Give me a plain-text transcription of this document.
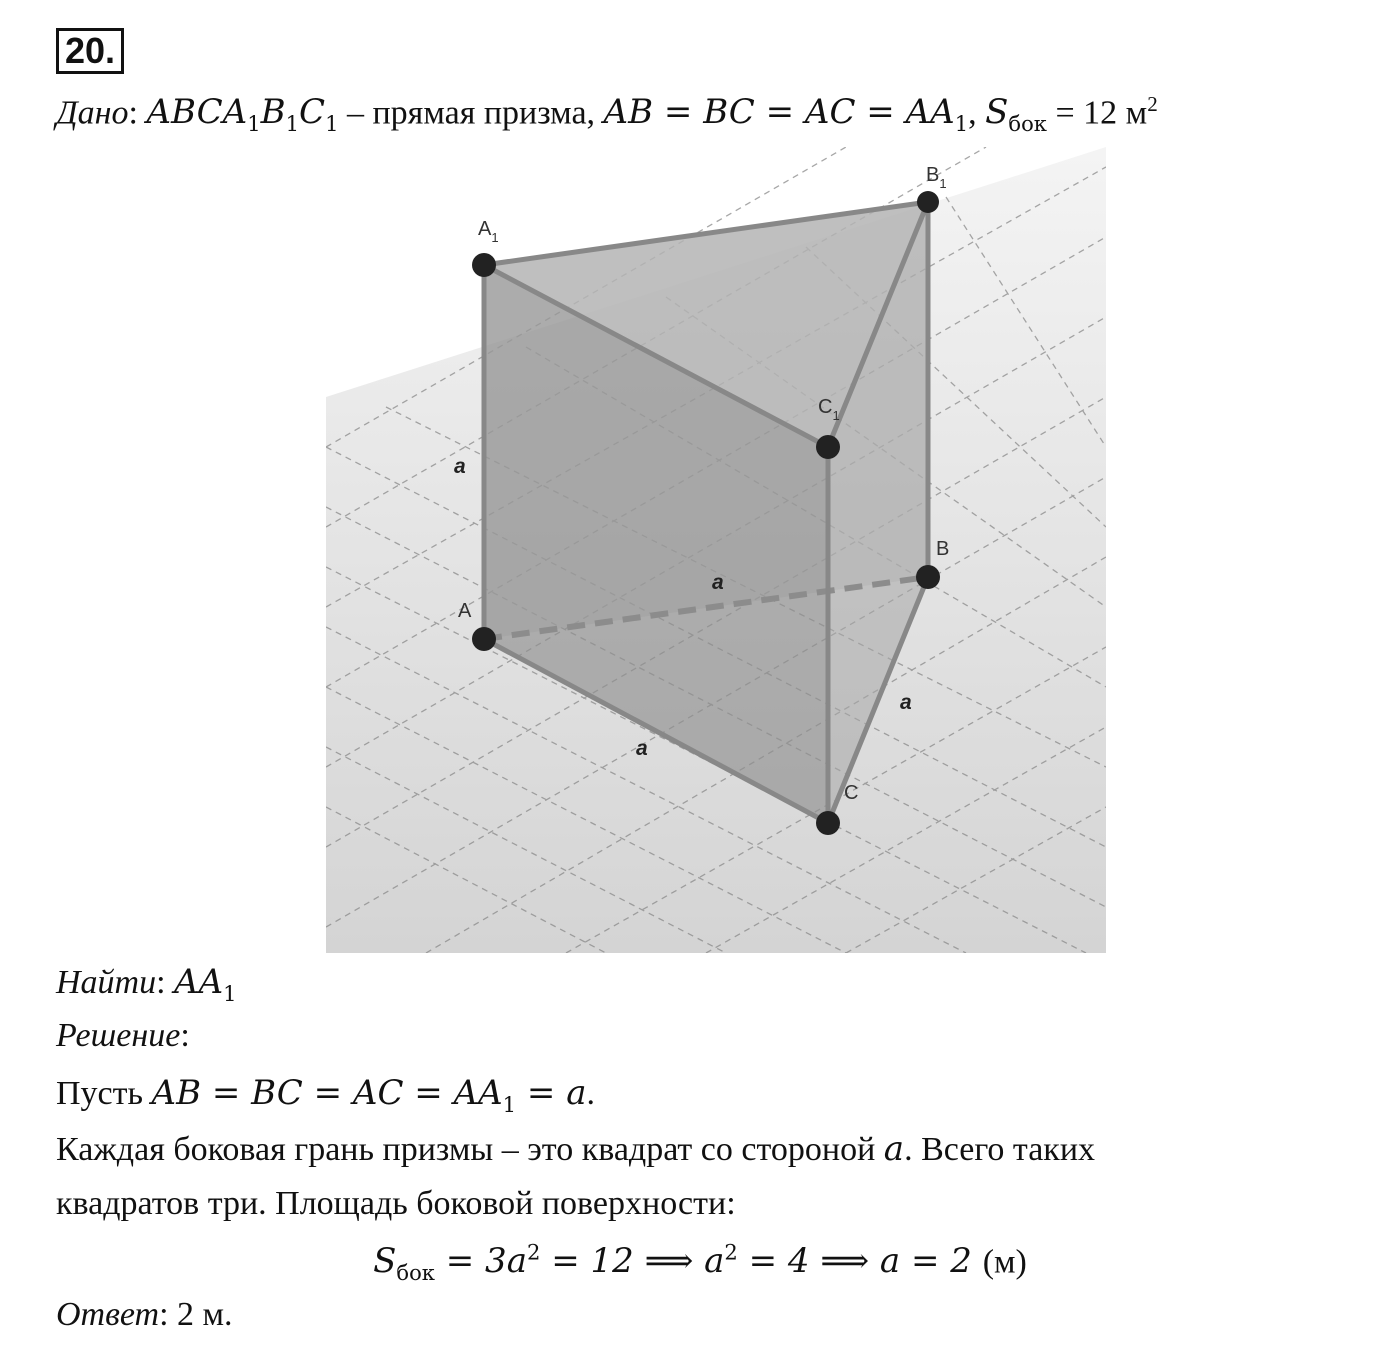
20.
Дано: $ABCA_1B_1C_1$ – прямая призма, AB = BC = AC = $AA_1$, $S_{бок} = 12$ $м^2$
$A_1$
$B_1$
$C_1$
A
B
C
a
a
a
a
Найти: $AA_1$
Решение:
Пусть AB = BC = AC = $AA_1 = a$.
Каждая боковая грань призмы – это квадрат со стороной a. Всего таких
квадратов три. Площадь боковой поверхности:
$S_{бок} = 3a^2 = 12$ ⟹ $a^2 = 4$ ⟹ a = 2 (м)
Ответ: 2 м.
